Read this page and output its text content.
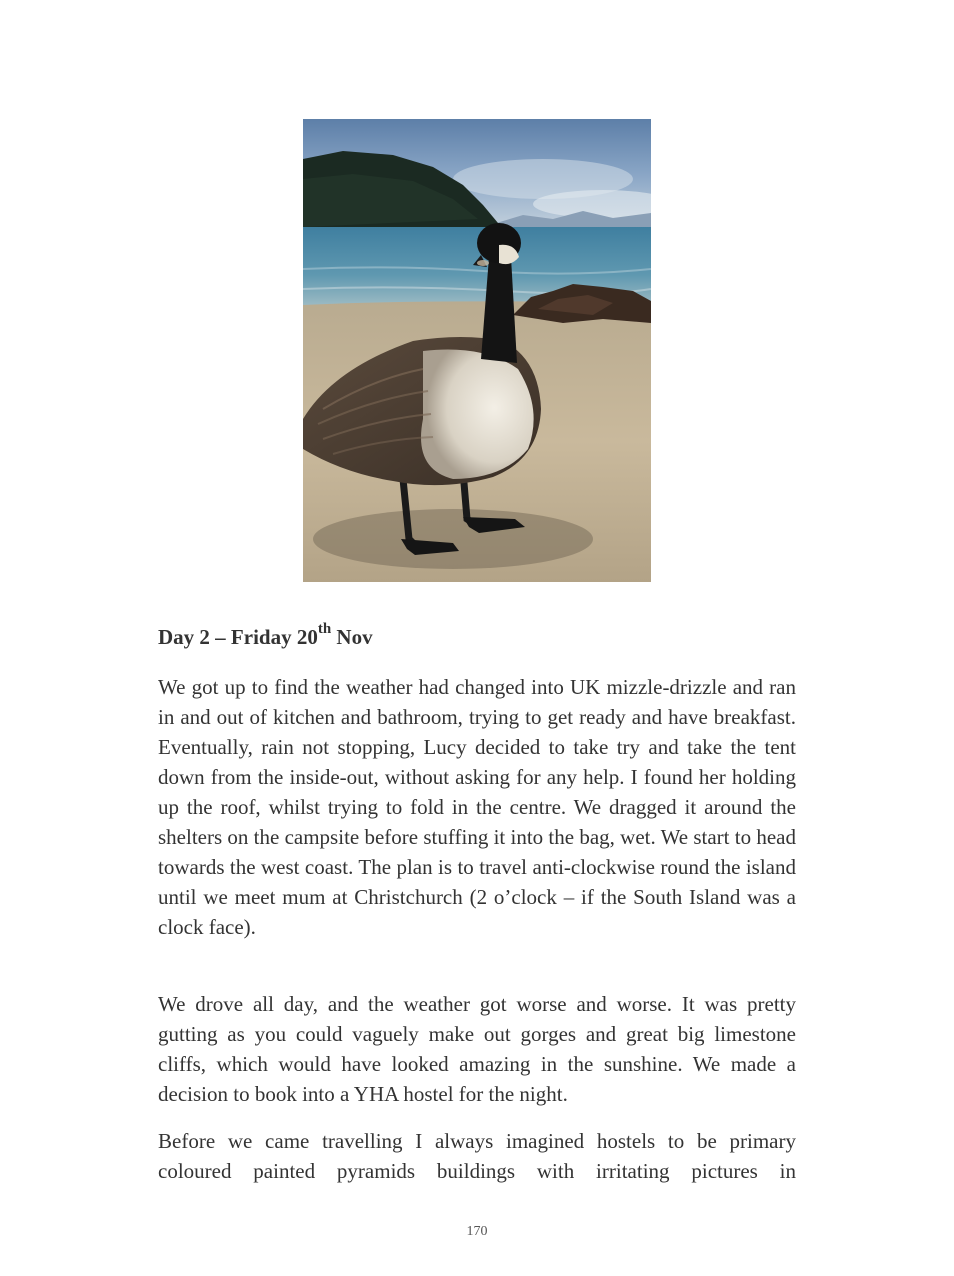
Day 2 – Friday 20th Nov

We got up to find the weather had changed into UK mizzle-drizzle and ran in and out of kitchen and bathroom, trying to get ready and have breakfast. Eventually, rain not stopping, Lucy decided to take try and take the tent down from the inside-out, without asking for any help. I found her holding up the roof, whilst trying to fold in the centre. We dragged it around the shelters on the campsite before stuffing it into the bag, wet. We start to head towards the west coast. The plan is to travel anti-clockwise round the island until we meet mum at Christchurch (2 o’clock – if the South Island was a clock face).

We drove all day, and the weather got worse and worse. It was pretty gutting as you could vaguely make out gorges and great big limestone cliffs, which would have looked amazing in the sunshine. We made a decision to book into a YHA hostel for the night.

Before we came travelling I always imagined hostels to be primary coloured painted pyramids buildings with irritating pictures in

170
